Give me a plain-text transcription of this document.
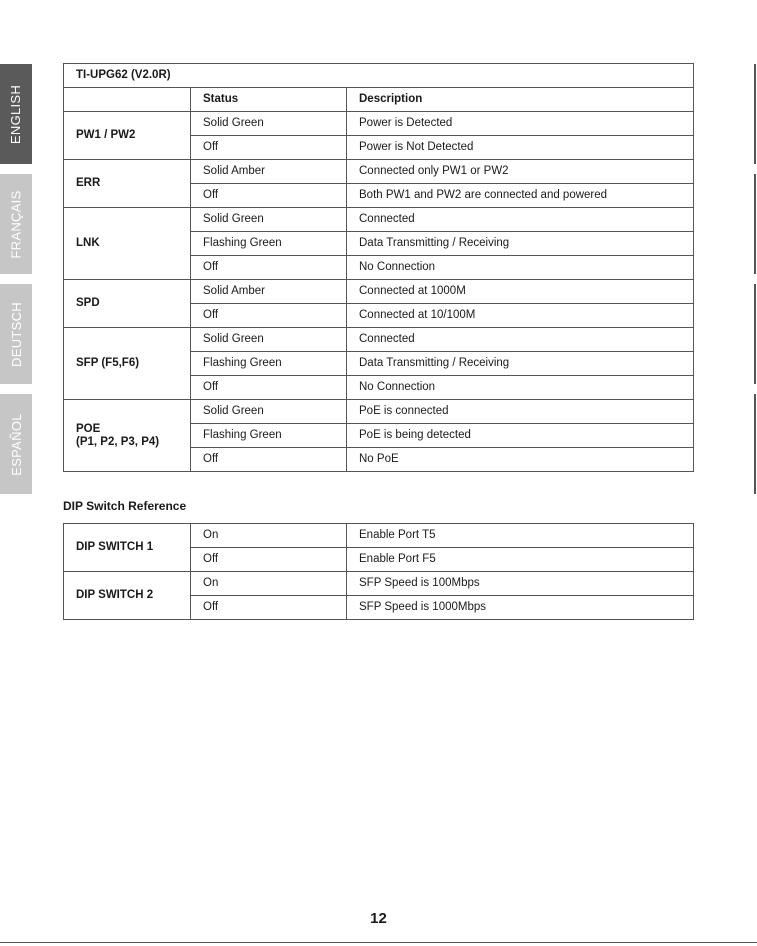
ENGLISH
FRANÇAIS
DEUTSCH
ESPAÑOL
TI-UPG62 (V2.0R)		
	Status	Description
PW1 / PW2	Solid Green	Power is Detected
	Off	Power is Not Detected
ERR	Solid Amber	Connected only PW1 or PW2
	Off	Both PW1 and PW2 are connected and powered
LNK	Solid Green	Connected
	Flashing Green	Data Transmitting / Receiving
	Off	No Connection
SPD	Solid Amber	Connected at 1000M
	Off	Connected at 10/100M
SFP (F5,F6)	Solid Green	Connected
	Flashing Green	Data Transmitting / Receiving
	Off	No Connection

POE
(P1, P2, P3, P4)	Solid Green	PoE is connected
	Flashing Green	PoE is being detected
	Off	No PoE
DIP Switch Reference
DIP SWITCH 1	On	Enable Port T5
	Off	Enable Port F5
DIP SWITCH 2	On	SFP Speed is 100Mbps
	Off	SFP Speed is 1000Mbps
12
